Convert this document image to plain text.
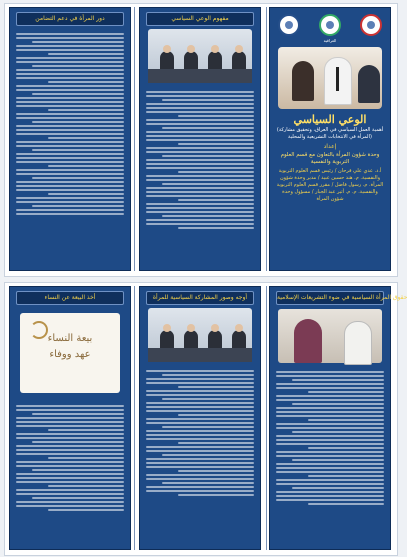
دور المرأة في دعم التضامن	مفهوم الوعي السياسي
العراقية
الوعي السياسي
(أهمية العمل السياسي في العراق، وتحقيق مشاركة المرأة في الانتخابات التشريعية والمحلية)
إعداد
وحدة شؤون المرأة بالتعاون مع قسم العلوم التربوية والنفسية
أ.د. عدي علي فرحان / رئيس قسم العلوم التربوية والنفسية. م. هند حسين عبيد / مدير وحدة شؤون المرأة. م. رسول فاضل / مقرر قسم العلوم التربوية والنفسية. م. م. أثير عبد الجبار / مسؤول وحدة شؤون المرأة
أخذ البيعة عن النساء
بيعة النساء
عهد ووفاء
أوجه وصور المشاركة السياسية للمرأة	حقوق المرأة السياسية في ضوء التشريعات الإسلامية
